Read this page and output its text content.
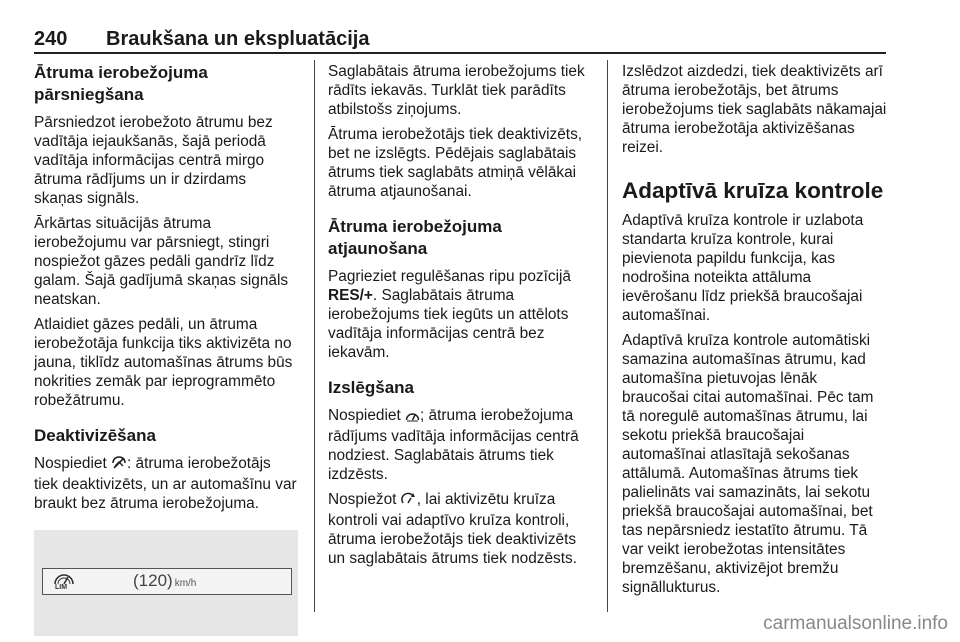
240 Braukšana un ekspluatācija
Ātruma ierobežojuma pārsniegšana

Pārsniedzot ierobežoto ātrumu bez vadītāja iejaukšanās, šajā periodā vadītāja informācijas centrā mirgo ātruma rādījums un ir dzirdams skaņas signāls.

Ārkārtas situācijās ātruma ierobežojumu var pārsniegt, stingri nospiežot gāzes pedāli gandrīz līdz galam. Šajā gadījumā skaņas signāls neatskan.

Atlaidiet gāzes pedāli, un ātruma ierobežotāja funkcija tiks aktivizēta no jauna, tiklīdz automašīnas ātrums būs nokrities zemāk par ieprogrammēto robežātrumu.

Deaktivizēšana

Nospiediet : ātruma ierobežotājs tiek deaktivizēts, un ar automašīnu var braukt bez ātruma ierobežojuma.

LIM	(120) km/h

Saglabātais ātruma ierobežojums tiek rādīts iekavās. Turklāt tiek parādīts atbilstošs ziņojums.

Ātruma ierobežotājs tiek deaktivizēts, bet ne izslēgts. Pēdējais saglabātais ātrums tiek saglabāts atmiņā vēlākai ātruma atjaunošanai.

Ātruma ierobežojuma atjaunošana

Pagrieziet regulēšanas ripu pozīcijā RES/+. Saglabātais ātruma ierobežojums tiek iegūts un attēlots vadītāja informācijas centrā bez iekavām.

Izslēgšana

Nospiediet ; ātruma ierobežojuma rādījums vadītāja informācijas centrā nodziest. Saglabātais ātrums tiek izdzēsts.

Nospiežot , lai aktivizētu kruīza kontroli vai adaptīvo kruīza kontroli, ātruma ierobežotājs tiek deaktivizēts un saglabātais ātrums tiek nodzēsts.

Izslēdzot aizdedzi, tiek deaktivizēts arī ātruma ierobežotājs, bet ātrums ierobežojums tiek saglabāts nākamajai ātruma ierobežotāja aktivizēšanas reizei.

Adaptīvā kruīza kontrole

Adaptīvā kruīza kontrole ir uzlabota standarta kruīza kontrole, kurai pievienota papildu funkcija, kas nodrošina noteikta attāluma ievērošanu līdz priekšā braucošajai automašīnai.

Adaptīvā kruīza kontrole automātiski samazina automašīnas ātrumu, kad automašīna pietuvojas lēnāk braucošai citai automašīnai. Pēc tam tā noregulē automašīnas ātrumu, lai sekotu priekšā braucošajai automašīnai atlasītajā sekošanas attālumā. Automašīnas ātrums tiek palielināts vai samazināts, lai sekotu priekšā braucošajai automašīnai, bet tas nepārsniedz iestatīto ātrumu. Tā var veikt ierobežotas intensitātes bremzēšanu, aktivizējot bremžu signāllukturus.

carmanualsonline.info
